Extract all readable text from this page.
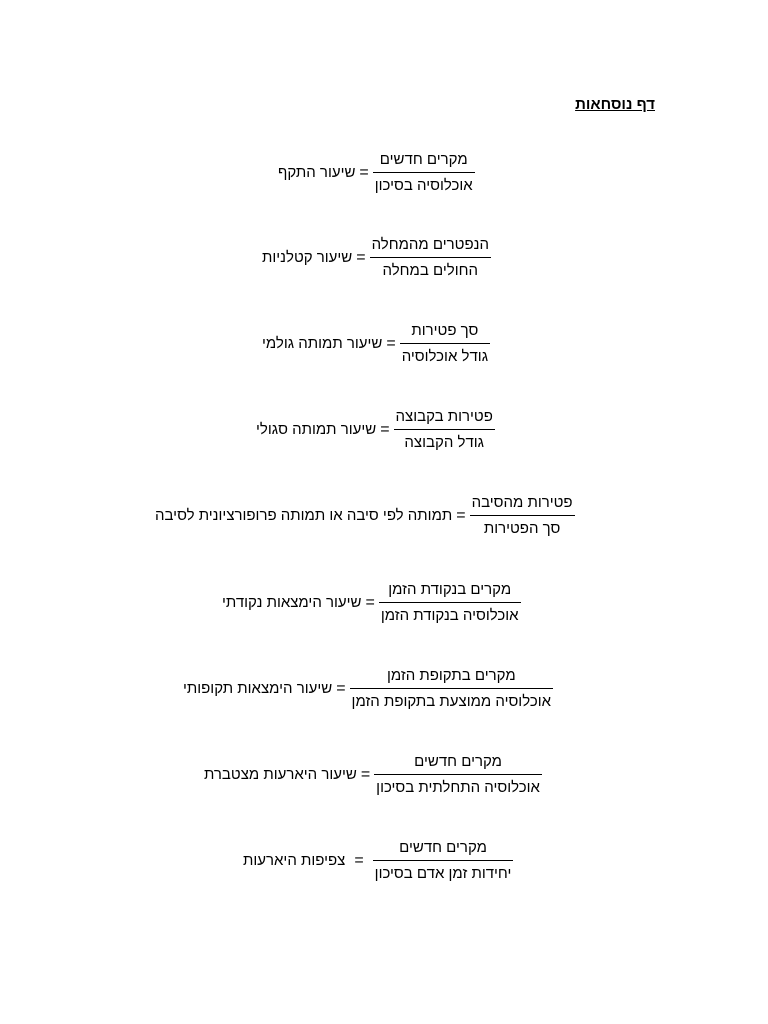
דף נוסחאות
שיעור התקף = $\frac{\text{מקרים חדשים}}{\text{אוכלוסיה בסיכון}}$
שיעור קטלניות = $\frac{\text{הנפטרים מהמחלה}}{\text{החולים במחלה}}$
שיעור תמותה גולמי = $\frac{\text{סך פטירות}}{\text{גודל אוכלוסיה}}$
שיעור תמותה סגולי = $\frac{\text{פטירות בקבוצה}}{\text{גודל הקבוצה}}$
תמותה לפי סיבה או תמותה פרופורציונית לסיבה = $\frac{\text{פטירות מהסיבה}}{\text{סך הפטירות}}$
שיעור הימצאות נקודתי = $\frac{\text{מקרים בנקודת הזמן}}{\text{אוכלוסיה בנקודת הזמן}}$
שיעור הימצאות תקופותי = $\frac{\text{מקרים בתקופת הזמן}}{\text{אוכלוסיה ממוצעת בתקופת הזמן}}$
שיעור היארעות מצטברת = $\frac{\text{מקרים חדשים}}{\text{אוכלוסיה התחלתית בסיכון}}$
צפיפות היארעות = $\frac{\text{מקרים חדשים}}{\text{יחידות זמן אדם בסיכון}}$
